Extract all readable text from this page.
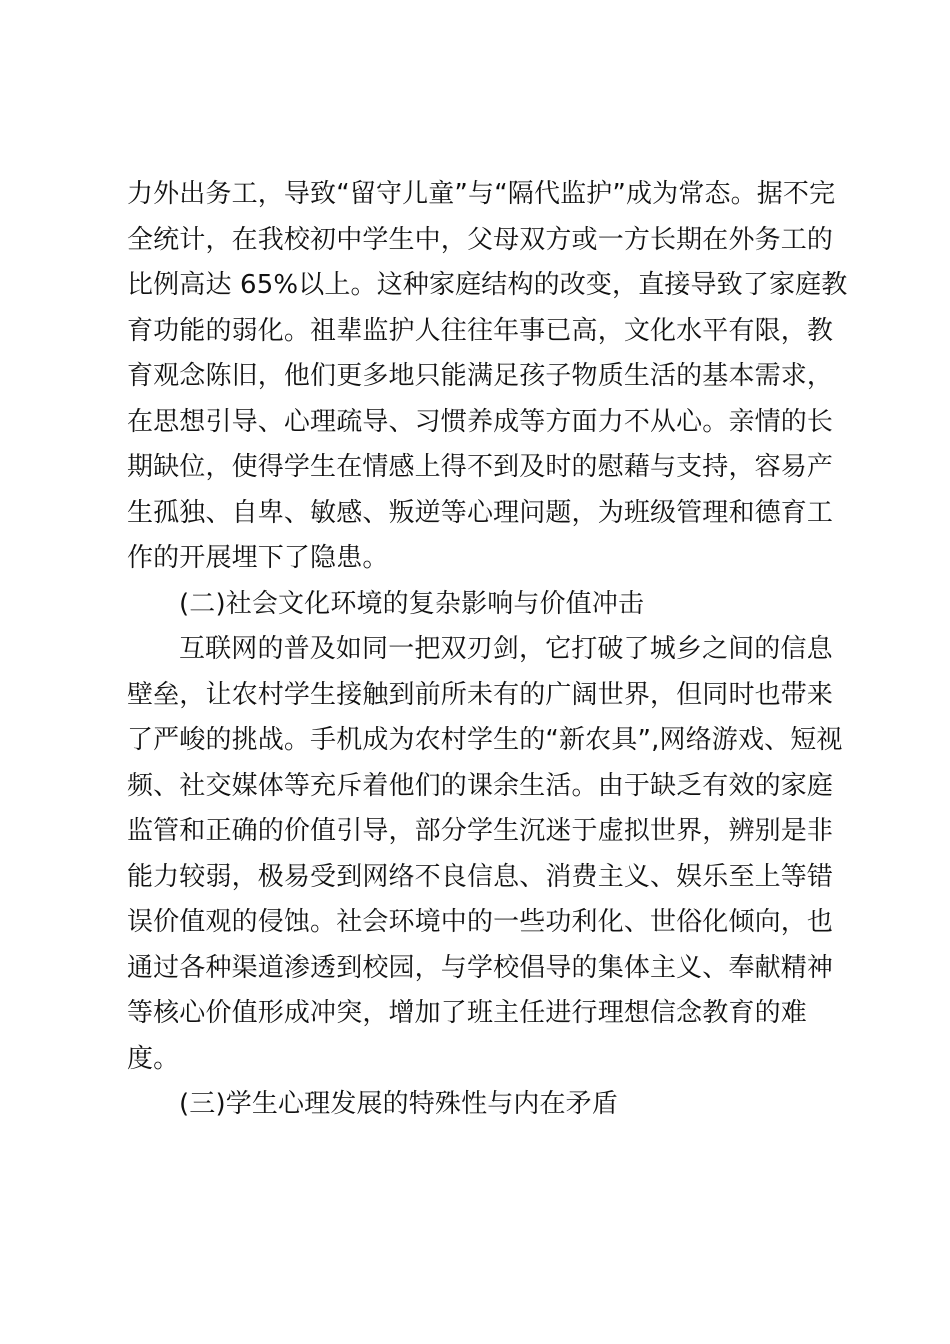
力外出务工，导致“留守儿童”与“隔代监护”成为常态。据不完
全统计，在我校初中学生中，父母双方或一方长期在外务工的
比例高达 65%以上。这种家庭结构的改变，直接导致了家庭教
育功能的弱化。祖辈监护人往往年事已高，文化水平有限，教
育观念陈旧，他们更多地只能满足孩子物质生活的基本需求，
在思想引导、心理疏导、习惯养成等方面力不从心。亲情的长
期缺位，使得学生在情感上得不到及时的慰藉与支持，容易产
生孤独、自卑、敏感、叛逆等心理问题，为班级管理和德育工
作的开展埋下了隐患。
(二)社会文化环境的复杂影响与价值冲击
互联网的普及如同一把双刃剑，它打破了城乡之间的信息
壁垒，让农村学生接触到前所未有的广阔世界，但同时也带来
了严峻的挑战。手机成为农村学生的“新农具”,网络游戏、短视
频、社交媒体等充斥着他们的课余生活。由于缺乏有效的家庭
监管和正确的价值引导，部分学生沉迷于虚拟世界，辨别是非
能力较弱，极易受到网络不良信息、消费主义、娱乐至上等错
误价值观的侵蚀。社会环境中的一些功利化、世俗化倾向，也
通过各种渠道渗透到校园，与学校倡导的集体主义、奉献精神
等核心价值形成冲突，增加了班主任进行理想信念教育的难
度。
(三)学生心理发展的特殊性与内在矛盾
